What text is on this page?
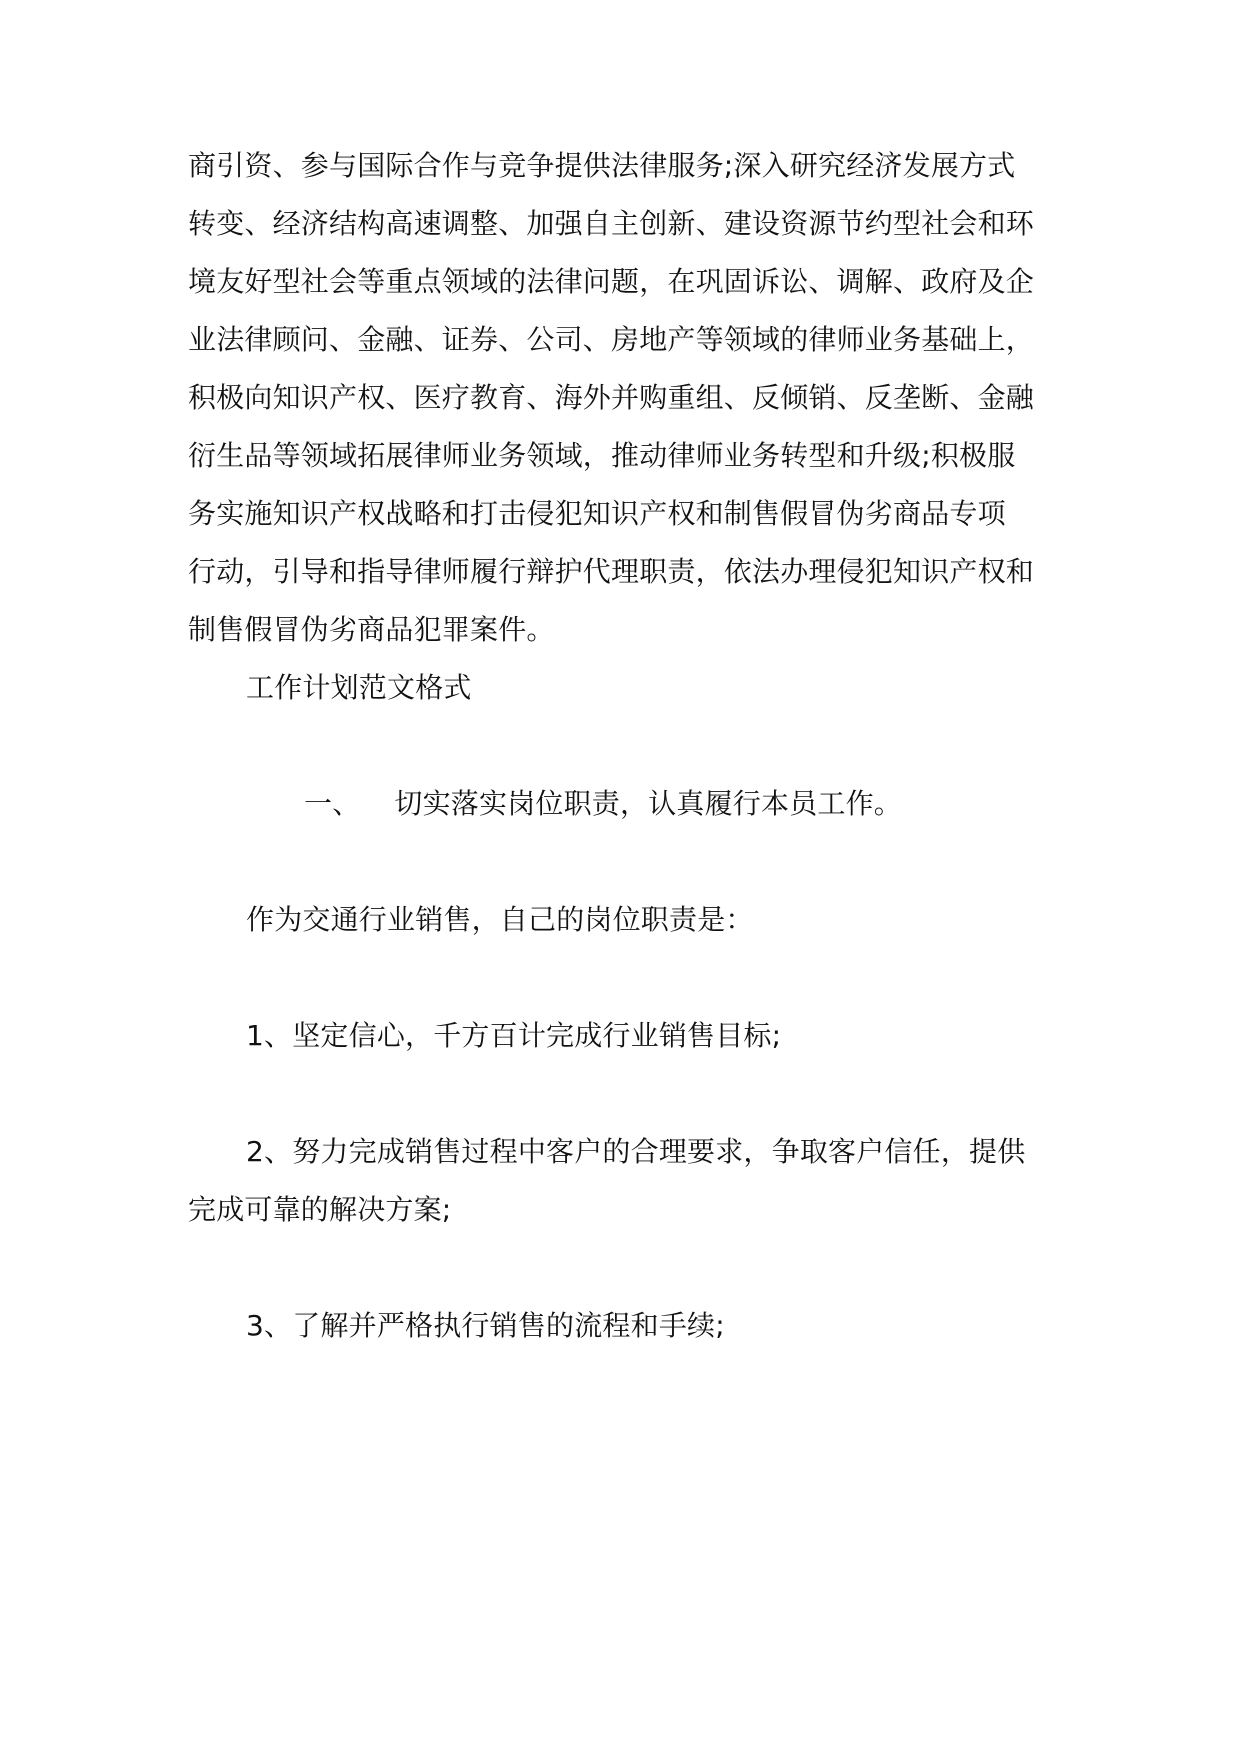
商引资、参与国际合作与竞争提供法律服务;深入研究经济发展方式
转变、经济结构高速调整、加强自主创新、建设资源节约型社会和环
境友好型社会等重点领域的法律问题，在巩固诉讼、调解、政府及企
业法律顾问、金融、证券、公司、房地产等领域的律师业务基础上，
积极向知识产权、医疗教育、海外并购重组、反倾销、反垄断、金融
衍生品等领域拓展律师业务领域，推动律师业务转型和升级;积极服
务实施知识产权战略和打击侵犯知识产权和制售假冒伪劣商品专项
行动，引导和指导律师履行辩护代理职责，依法办理侵犯知识产权和
制售假冒伪劣商品犯罪案件。
工作计划范文格式
一、 切实落实岗位职责，认真履行本员工作。
作为交通行业销售，自己的岗位职责是：
1、坚定信心，千方百计完成行业销售目标;
2、努力完成销售过程中客户的合理要求，争取客户信任，提供
完成可靠的解决方案;
3、了解并严格执行销售的流程和手续;
